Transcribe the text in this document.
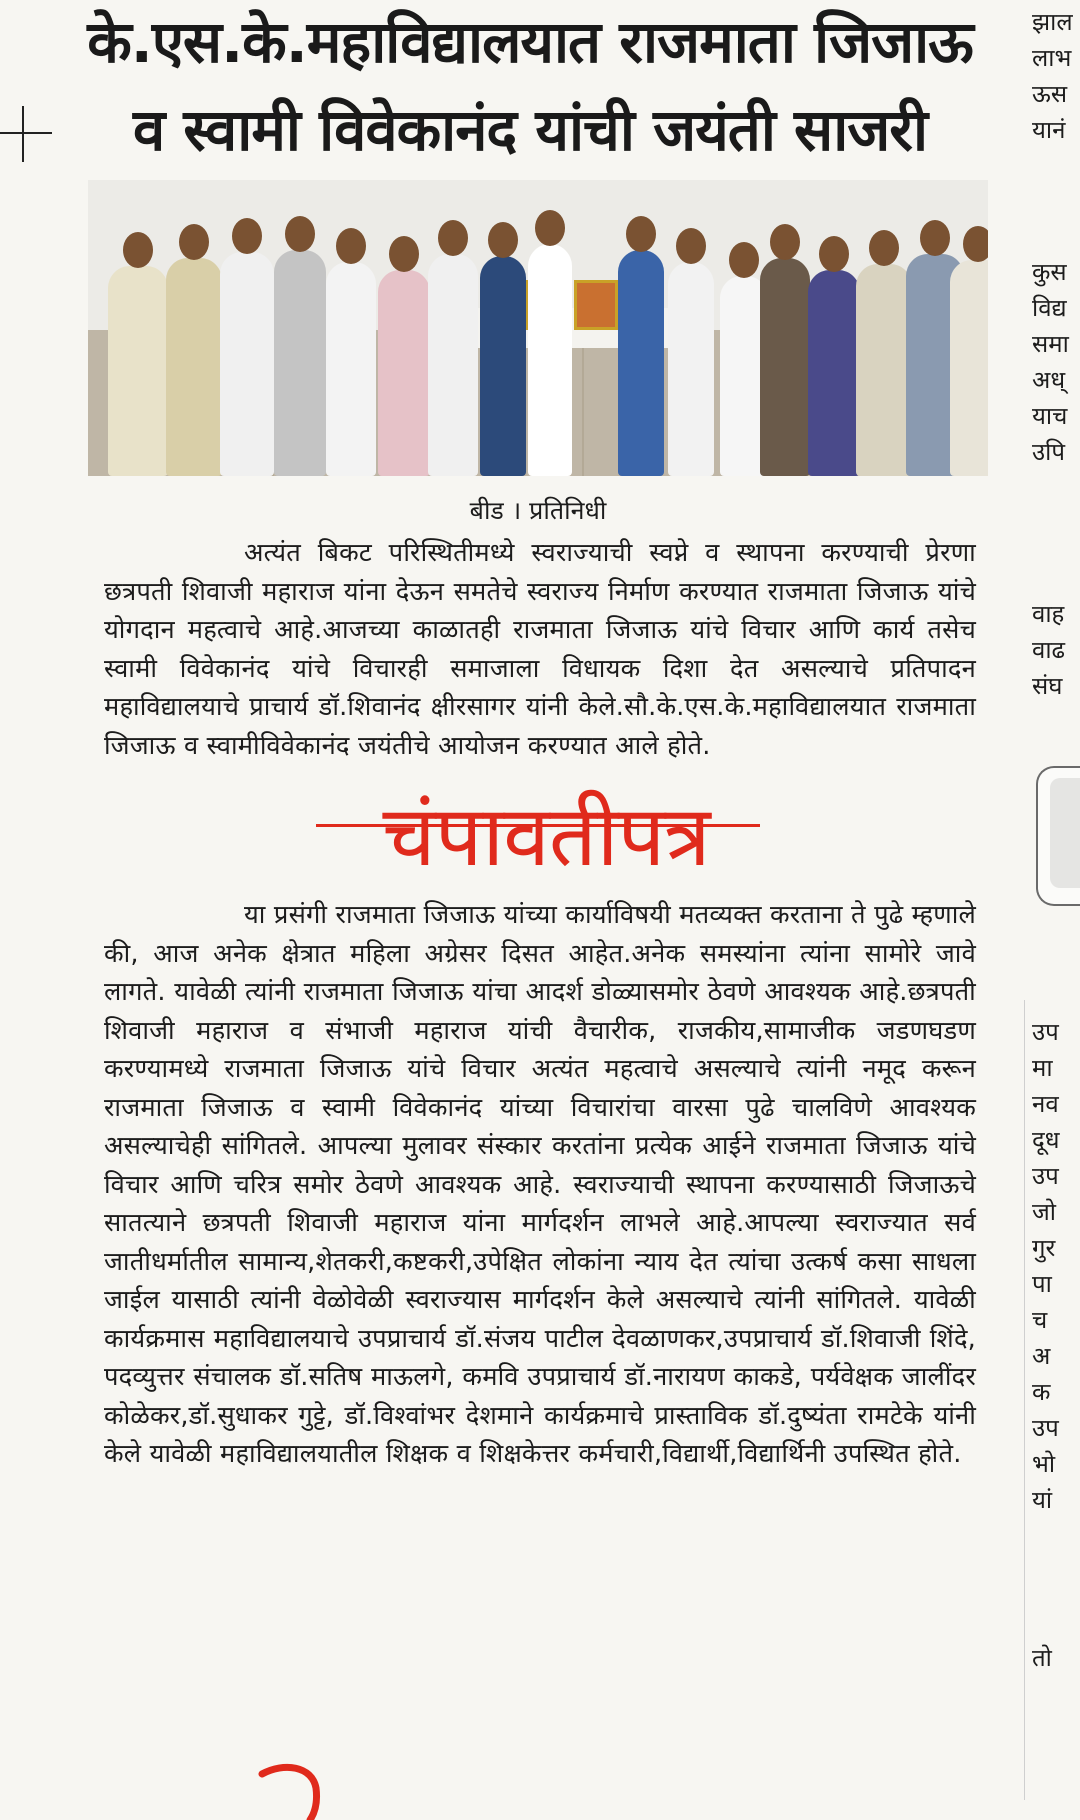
के.एस.के.महाविद्यालयात राजमाता जिजाऊ
व स्वामी विवेकानंद यांची जयंती साजरी
बीड । प्रतिनिधी
अत्यंत बिकट परिस्थितीमध्ये स्वराज्याची स्वप्ने व स्थापना करण्याची प्रेरणा छत्रपती शिवाजी महाराज यांना देऊन समतेचे स्वराज्य निर्माण करण्यात राजमाता जिजाऊ यांचे योगदान महत्वाचे आहे.आजच्या काळातही राजमाता जिजाऊ यांचे विचार आणि कार्य तसेच स्वामी विवेकानंद यांचे विचारही समाजाला विधायक दिशा देत असल्याचे प्रतिपादन महाविद्यालयाचे प्राचार्य डॉ.शिवानंद क्षीरसागर यांनी केले.सौ.के.एस.के.महाविद्यालयात राजमाता जिजाऊ व स्वामीविवेकानंद जयंतीचे आयोजन करण्यात आले होते.
या प्रसंगी राजमाता जिजाऊ यांच्या कार्याविषयी मतव्यक्त करताना ते पुढे म्हणाले की, आज अनेक क्षेत्रात महिला अग्रेसर दिसत आहेत.अनेक समस्यांना त्यांना सामोरे जावे लागते. यावेळी त्यांनी राजमाता जिजाऊ यांचा आदर्श डोळ्यासमोर ठेवणे आवश्यक आहे.छत्रपती शिवाजी महाराज व संभाजी महाराज यांची वैचारीक, राजकीय,सामाजीक जडणघडण करण्यामध्ये राजमाता जिजाऊ यांचे विचार अत्यंत महत्वाचे असल्याचे त्यांनी नमूद करून राजमाता जिजाऊ व स्वामी विवेकानंद यांच्या विचारांचा वारसा पुढे चालविणे आवश्यक असल्याचेही सांगितले. आपल्या मुलावर संस्कार करतांना प्रत्येक आईने राजमाता जिजाऊ यांचे विचार आणि चरित्र समोर ठेवणे आवश्यक आहे. स्वराज्याची स्थापना करण्यासाठी जिजाऊचे सातत्याने छत्रपती शिवाजी महाराज यांना मार्गदर्शन लाभले आहे.आपल्या स्वराज्यात सर्व जातीधर्मातील सामान्य,शेतकरी,कष्टकरी,उपेक्षित लोकांना न्याय देत त्यांचा उत्कर्ष कसा साधला जाईल यासाठी त्यांनी वेळोवेळी स्वराज्यास मार्गदर्शन केले असल्याचे त्यांनी सांगितले. यावेळी कार्यक्रमास महाविद्यालयाचे उपप्राचार्य डॉ.संजय पाटील देवळाणकर,उपप्राचार्य डॉ.शिवाजी शिंदे, पदव्युत्तर संचालक डॉ.सतिष माऊलगे, कमवि उपप्राचार्य डॉ.नारायण काकडे, पर्यवेक्षक जालींदर कोळेकर,डॉ.सुधाकर गुट्टे, डॉ.विश्वांभर देशमाने कार्यक्रमाचे प्रास्ताविक डॉ.दुष्यंता रामटेके यांनी केले यावेळी महाविद्यालयातील शिक्षक व शिक्षकेत्तर कर्मचारी,विद्यार्थी,विद्यार्थिनी उपस्थित होते.
चंपावतीपत्र
झाल
लाभ
ऊस
यानं
कुस
विद्य
समा
अध्
याच
उपि
वाह
वाढ
संघ
उप
मा
नव
दूध
उप
जो
गुर
पा
च
अ
क
उप
भो
यां
तो
